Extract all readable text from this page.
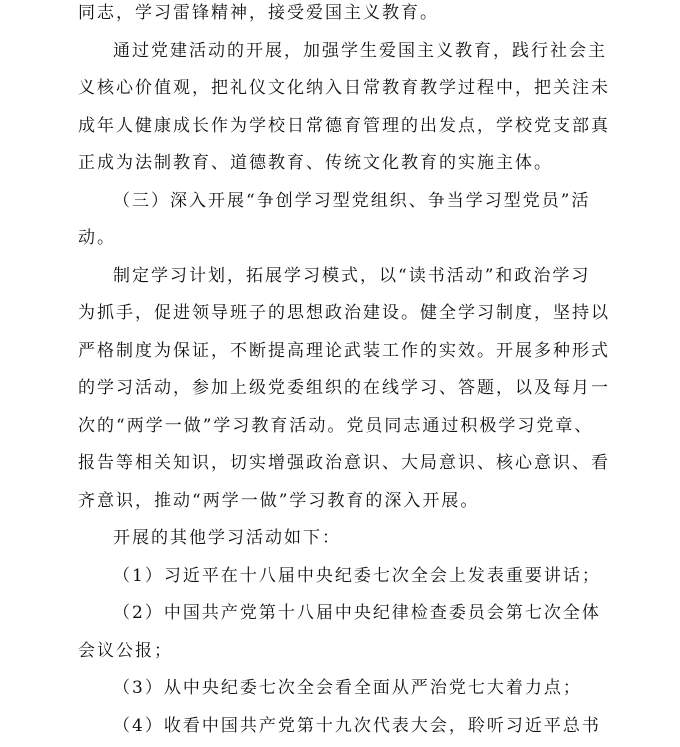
同志，学习雷锋精神，接受爱国主义教育。
通过党建活动的开展，加强学生爱国主义教育，践行社会主
义核心价值观，把礼仪文化纳入日常教育教学过程中，把关注未
成年人健康成长作为学校日常德育管理的出发点，学校党支部真
正成为法制教育、道德教育、传统文化教育的实施主体。
（三）深入开展“争创学习型党组织、争当学习型党员”活
动。
制定学习计划，拓展学习模式，以“读书活动”和政治学习
为抓手，促进领导班子的思想政治建设。健全学习制度，坚持以
严格制度为保证，不断提高理论武装工作的实效。开展多种形式
的学习活动，参加上级党委组织的在线学习、答题，以及每月一
次的“两学一做”学习教育活动。党员同志通过积极学习党章、
报告等相关知识，切实增强政治意识、大局意识、核心意识、看
齐意识，推动“两学一做”学习教育的深入开展。
开展的其他学习活动如下：
（1）习近平在十八届中央纪委七次全会上发表重要讲话；
（2）中国共产党第十八届中央纪律检查委员会第七次全体
会议公报；
（3）从中央纪委七次全会看全面从严治党七大着力点；
（4）收看中国共产党第十九次代表大会，聆听习近平总书
